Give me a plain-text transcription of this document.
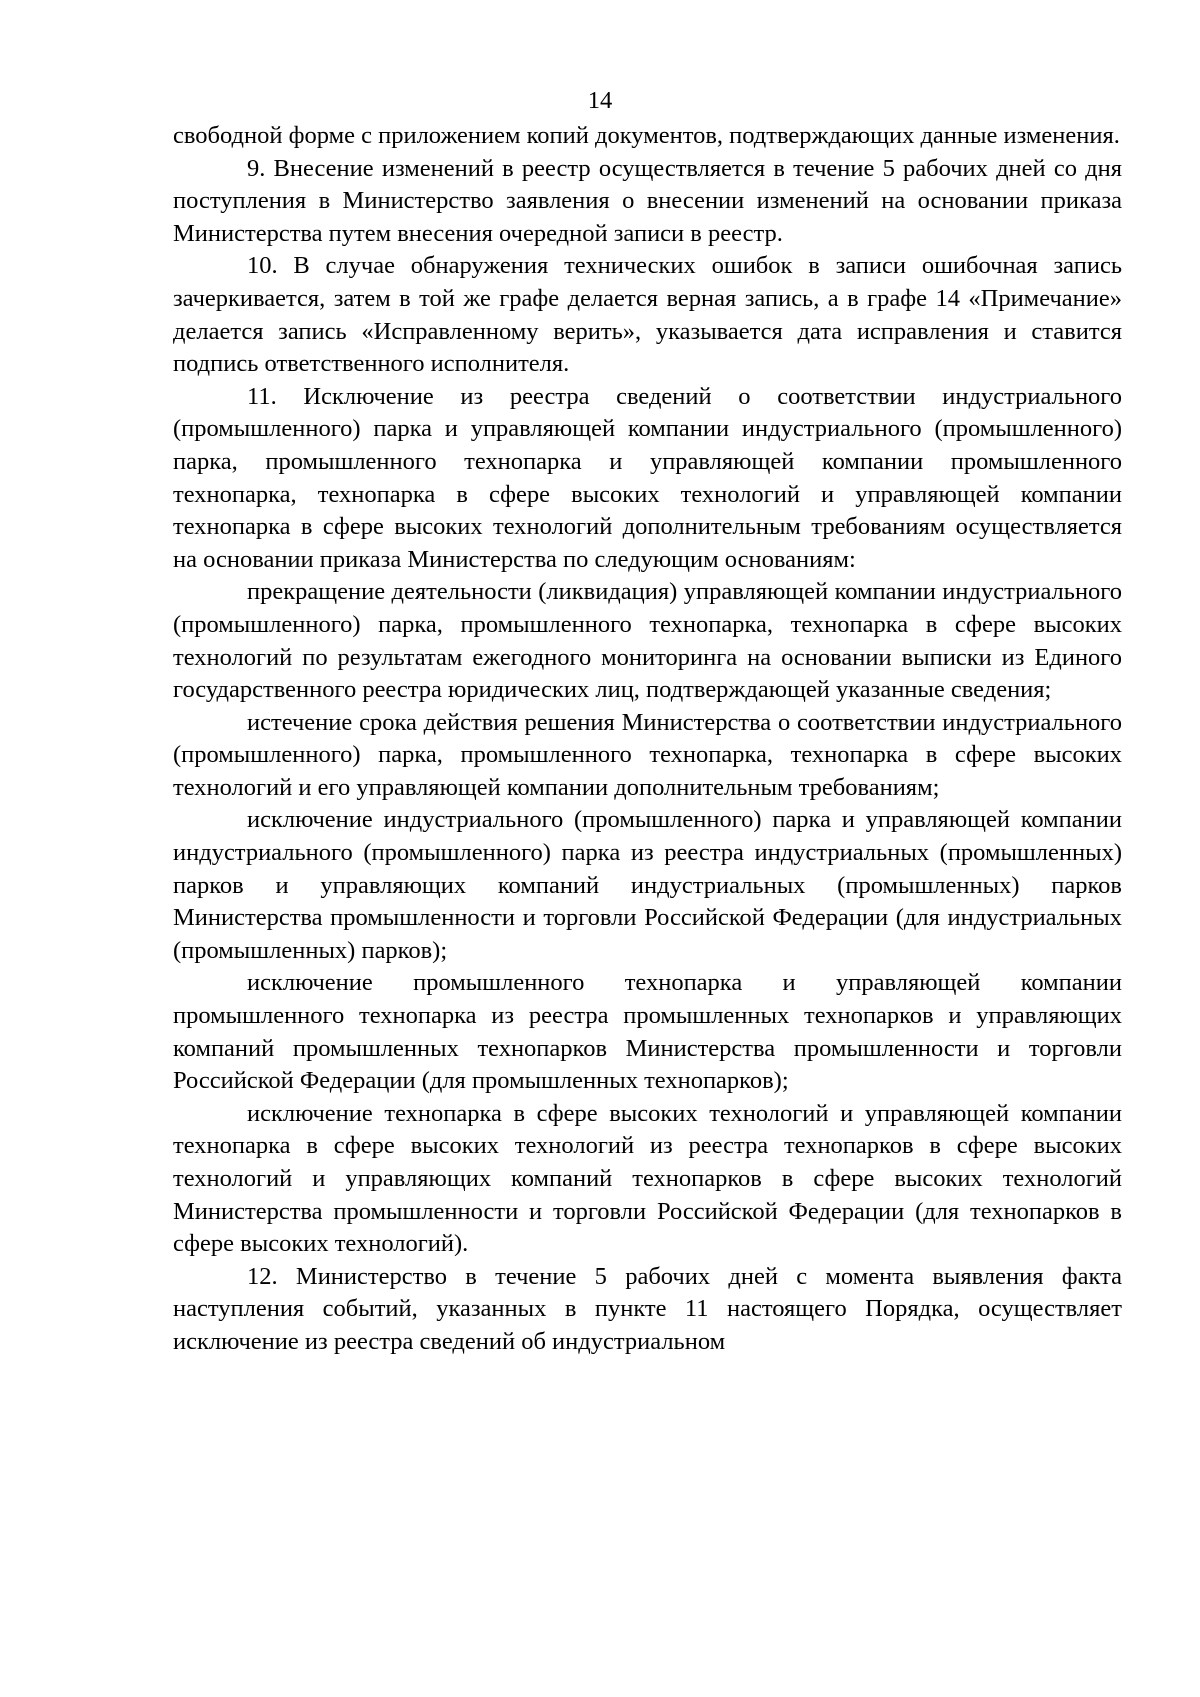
14

свободной форме с приложением копий документов, подтверждающих данные изменения.

9. Внесение изменений в реестр осуществляется в течение 5 рабочих дней со дня поступления в Министерство заявления о внесении изменений на основании приказа Министерства путем внесения очередной записи в реестр.

10. В случае обнаружения технических ошибок в записи ошибочная запись зачеркивается, затем в той же графе делается верная запись, а в графе 14 «Примечание» делается запись «Исправленному верить», указывается дата исправления и ставится подпись ответственного исполнителя.

11. Исключение из реестра сведений о соответствии индустриального (промышленного) парка и управляющей компании индустриального (промышленного) парка, промышленного технопарка и управляющей компании промышленного технопарка, технопарка в сфере высоких технологий и управляющей компании технопарка в сфере высоких технологий дополнительным требованиям осуществляется на основании приказа Министерства по следующим основаниям:

прекращение деятельности (ликвидация) управляющей компании индустриального (промышленного) парка, промышленного технопарка, технопарка в сфере высоких технологий по результатам ежегодного мониторинга на основании выписки из Единого государственного реестра юридических лиц, подтверждающей указанные сведения;

истечение срока действия решения Министерства о соответствии индустриального (промышленного) парка, промышленного технопарка, технопарка в сфере высоких технологий и его управляющей компании дополнительным требованиям;

исключение индустриального (промышленного) парка и управляющей компании индустриального (промышленного) парка из реестра индустриальных (промышленных) парков и управляющих компаний индустриальных (промышленных) парков Министерства промышленности и торговли Российской Федерации (для индустриальных (промышленных) парков);

исключение промышленного технопарка и управляющей компании промышленного технопарка из реестра промышленных технопарков и управляющих компаний промышленных технопарков Министерства промышленности и торговли Российской Федерации (для промышленных технопарков);

исключение технопарка в сфере высоких технологий и управляющей компании технопарка в сфере высоких технологий из реестра технопарков в сфере высоких технологий и управляющих компаний технопарков в сфере высоких технологий Министерства промышленности и торговли Российской Федерации (для технопарков в сфере высоких технологий).

12. Министерство в течение 5 рабочих дней с момента выявления факта наступления событий, указанных в пункте 11 настоящего Порядка, осуществляет исключение из реестра сведений об индустриальном
